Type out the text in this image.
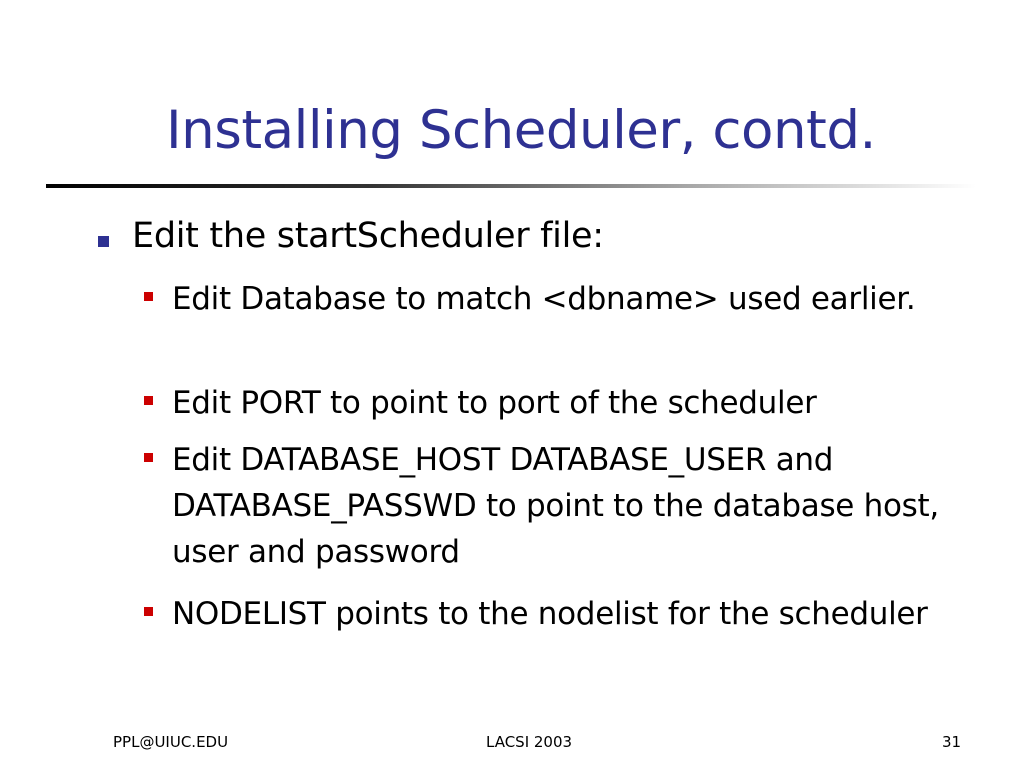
Installing Scheduler, contd.
Edit the startScheduler file:
Edit Database to match <dbname> used earlier.
Edit PORT to point to port of the scheduler
Edit DATABASE_HOST DATABASE_USER and DATABASE_PASSWD to point to the database host, user and password
NODELIST points to the nodelist for the scheduler
PPL@UIUC.EDU	LACSI 2003	31
